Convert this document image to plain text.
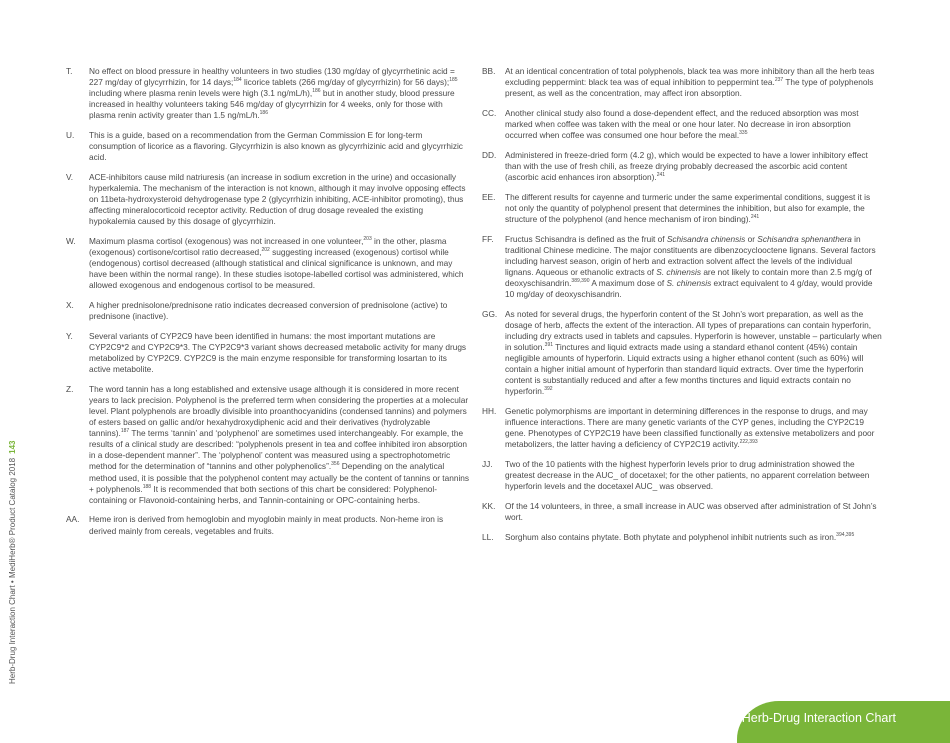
T. No effect on blood pressure in healthy volunteers in two studies (130 mg/day of glycyrrhetinic acid = 227 mg/day of glycyrrhizin, for 14 days;$^{184}$ licorice tablets (266 mg/day of glycyrrhizin) for 56 days);$^{185}$ including where plasma renin levels were high (3.1 ng/mL/h),$^{186}$ but in another study, blood pressure increased in healthy volunteers taking 546 mg/day of glycyrrhizin for 4 weeks, only for those with plasma renin activity greater than 1.5 ng/mL/h.$^{186}$
U. This is a guide, based on a recommendation from the German Commission E for long-term consumption of licorice as a flavoring. Glycyrrhizin is also known as glycyrrhizinic acid and glycyrrhizic acid.
V. ACE-inhibitors cause mild natriuresis (an increase in sodium excretion in the urine) and occasionally hyperkalemia. The mechanism of the interaction is not known, although it may involve opposing effects on 11beta-hydroxysteroid dehydrogenase type 2 (glycyrrhizin inhibiting, ACE-inhibitor promoting), thus affecting mineralocorticoid receptor activity. Reduction of drug dosage revealed the existing hypokalemia caused by this dosage of glycyrrhizin.
W. Maximum plasma cortisol (exogenous) was not increased in one volunteer,$^{203}$ in the other, plasma (exogenous) cortisone/cortisol ratio decreased,$^{202}$ suggesting increased (exogenous) cortisol while (endogenous) cortisol decreased (although statistical and clinical significance is unknown, and may have been within the normal range). In these studies isotope-labelled cortisol was administered, which allowed exogenous and endogenous cortisol to be measured.
X. A higher prednisolone/prednisone ratio indicates decreased conversion of prednisolone (active) to prednisone (inactive).
Y. Several variants of CYP2C9 have been identified in humans: the most important mutations are CYP2C9*2 and CYP2C9*3. The CYP2C9*3 variant shows decreased metabolic activity for many drugs metabolized by CYP2C9. CYP2C9 is the main enzyme responsible for transforming losartan to its active metabolite.
Z. The word tannin has a long established and extensive usage although it is considered in more recent years to lack precision. Polyphenol is the preferred term when considering the properties at a molecular level. Plant polyphenols are broadly divisible into proanthocyanidins (condensed tannins) and polymers of esters based on gallic and/or hexahydroxydiphenic acid and their derivatives (hydrolyzable tannins).$^{187}$ The terms ‘tannin’ and ‘polyphenol’ are sometimes used interchangeably. For example, the results of a clinical study are described: “polyphenols present in tea and coffee inhibited iron absorption in a dose-dependent manner”. The ‘polyphenol’ content was measured using a spectrophotometric method for the determination of “tannins and other polyphenolics”.$^{356}$ Depending on the analytical method used, it is possible that the polyphenol content may actually be the content of tannins or tannins + polyphenols.$^{188}$ It is recommended that both sections of this chart be considered: Polyphenol-containing or Flavonoid-containing herbs, and Tannin-containing or OPC-containing herbs.
AA. Heme iron is derived from hemoglobin and myoglobin mainly in meat products. Non-heme iron is derived mainly from cereals, vegetables and fruits.
BB. At an identical concentration of total polyphenols, black tea was more inhibitory than all the herb teas excluding peppermint: black tea was of equal inhibition to peppermint tea.$^{237}$ The type of polyphenols present, as well as the concentration, may affect iron absorption.
CC. Another clinical study also found a dose-dependent effect, and the reduced absorption was most marked when coffee was taken with the meal or one hour later. No decrease in iron absorption occurred when coffee was consumed one hour before the meal.$^{335}$
DD. Administered in freeze-dried form (4.2 g), which would be expected to have a lower inhibitory effect than with the use of fresh chili, as freeze drying probably decreased the ascorbic acid content (ascorbic acid enhances iron absorption).$^{241}$
EE. The different results for cayenne and turmeric under the same experimental conditions, suggest it is not only the quantity of polyphenol present that determines the inhibition, but also for example, the structure of the polyphenol (and hence mechanism of iron binding).$^{241}$
FF. Fructus Schisandra is defined as the fruit of Schisandra chinensis or Schisandra sphenanthera in traditional Chinese medicine. The major constituents are dibenzocyclooctene lignans. Several factors including harvest season, origin of herb and extraction solvent affect the levels of the individual lignans. Aqueous or ethanolic extracts of S. chinensis are not likely to contain more than 2.5 mg/g of deoxyschisandrin.$^{389,390}$ A maximum dose of S. chinensis extract equivalent to 4 g/day, would provide 10 mg/day of deoxyschisandrin.
GG. As noted for several drugs, the hyperforin content of the St John’s wort preparation, as well as the dosage of herb, affects the extent of the interaction. All types of preparations can contain hyperforin, including dry extracts used in tablets and capsules. Hyperforin is however, unstable – particularly when in solution.$^{391}$ Tinctures and liquid extracts made using a standard ethanol content (45%) contain negligible amounts of hyperforin. Liquid extracts using a higher ethanol content (such as 60%) will contain a higher initial amount of hyperforin than standard liquid extracts. Over time the hyperforin content is substantially reduced and after a few months tinctures and liquid extracts contain no hyperforin.$^{392}$
HH. Genetic polymorphisms are important in determining differences in the response to drugs, and may influence interactions. There are many genetic variants of the CYP genes, including the CYP2C19 gene. Phenotypes of CYP2C19 have been classified functionally as extensive metabolizers and poor metabolizers, the latter having a deficiency of CYP2C19 activity.$^{222,393}$
JJ. Two of the 10 patients with the highest hyperforin levels prior to drug administration showed the greatest decrease in the AUC_ of docetaxel; for the other patients, no apparent correlation between hyperforin levels and the docetaxel AUC_ was observed.
KK. Of the 14 volunteers, in three, a small increase in AUC was observed after administration of St John’s wort.
LL. Sorghum also contains phytate. Both phytate and polyphenol inhibit nutrients such as iron.$^{394,395}$
Herb-Drug Interaction Chart • MediHerb® Product Catalog 2018143
Herb-Drug Interaction Chart
